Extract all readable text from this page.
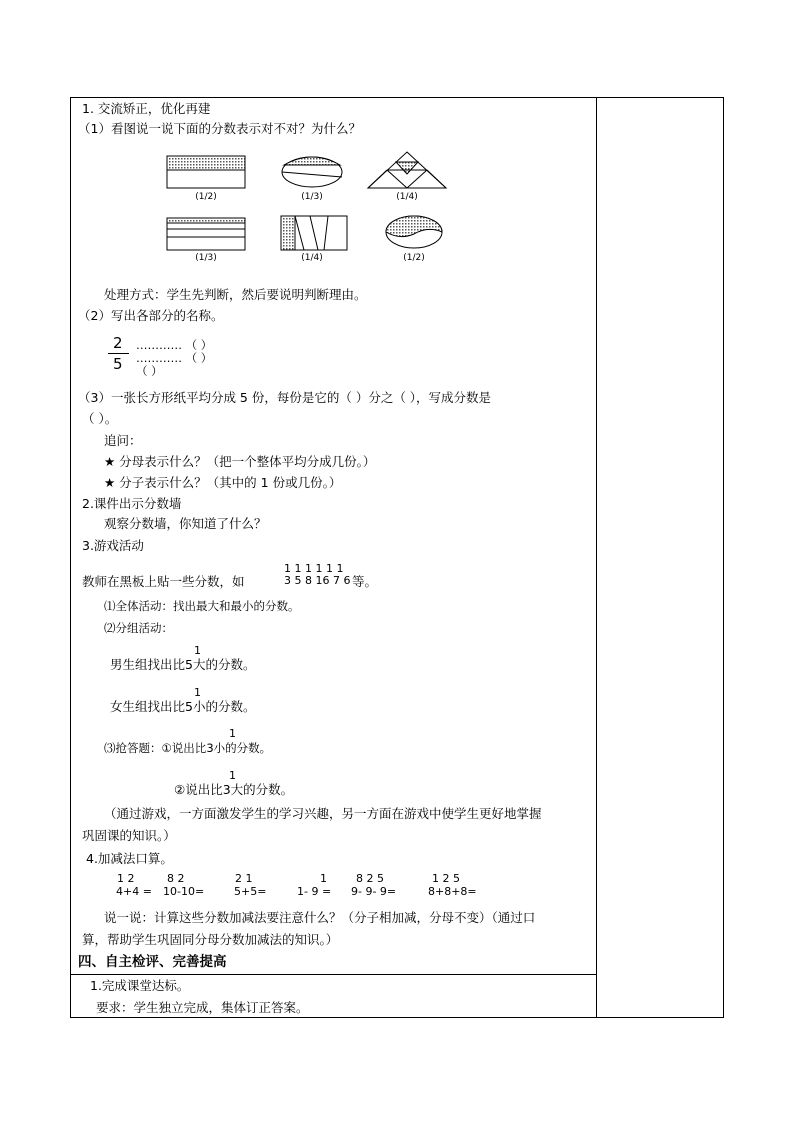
1. 交流矫正，优化再建
（1）看图说一说下面的分数表示对不对？为什么？
(1/2)	(1/3)	(1/4)
(1/3)	(1/4)	(1/2)
处理方式：学生先判断，然后要说明判断理由。
（2）写出各部分的名称。
2
5
………… （ ）
………… （ ）
（ ）
（3）一张长方形纸平均分成 5 份，每份是它的（ ）分之（ ），写成分数是
（ ）。
追问：
★ 分母表示什么？（把一个整体平均分成几份。）
★ 分子表示什么？（其中的 1 份或几份。）
2.课件出示分数墙
观察分数墙，你知道了什么？
3.游戏活动
1 1 1 1 1 1
教师在黑板上贴一些分数，如	3 5 8 16 7 6 等。
⑴全体活动：找出最大和最小的分数。
⑵分组活动：
1
男生组找出比5大的分数。
1
女生组找出比5小的分数。
1
⑶抢答题：①说出比3小的分数。
1
②说出比3大的分数。
（通过游戏，一方面激发学生的学习兴趣，另一方面在游戏中使学生更好地掌握
巩固课的知识。）
4.加减法口算。
1 2
4+4 =
8 2
10-10=
2 1
5+5=
1
1- 9 =
8 2 5
9- 9- 9=
1 2 5
8+8+8=
说一说：计算这些分数加减法要注意什么？（分子相加减，分母不变）（通过口
算，帮助学生巩固同分母分数加减法的知识。）
四、自主检评、完善提高
1.完成课堂达标。
要求：学生独立完成，集体订正答案。
